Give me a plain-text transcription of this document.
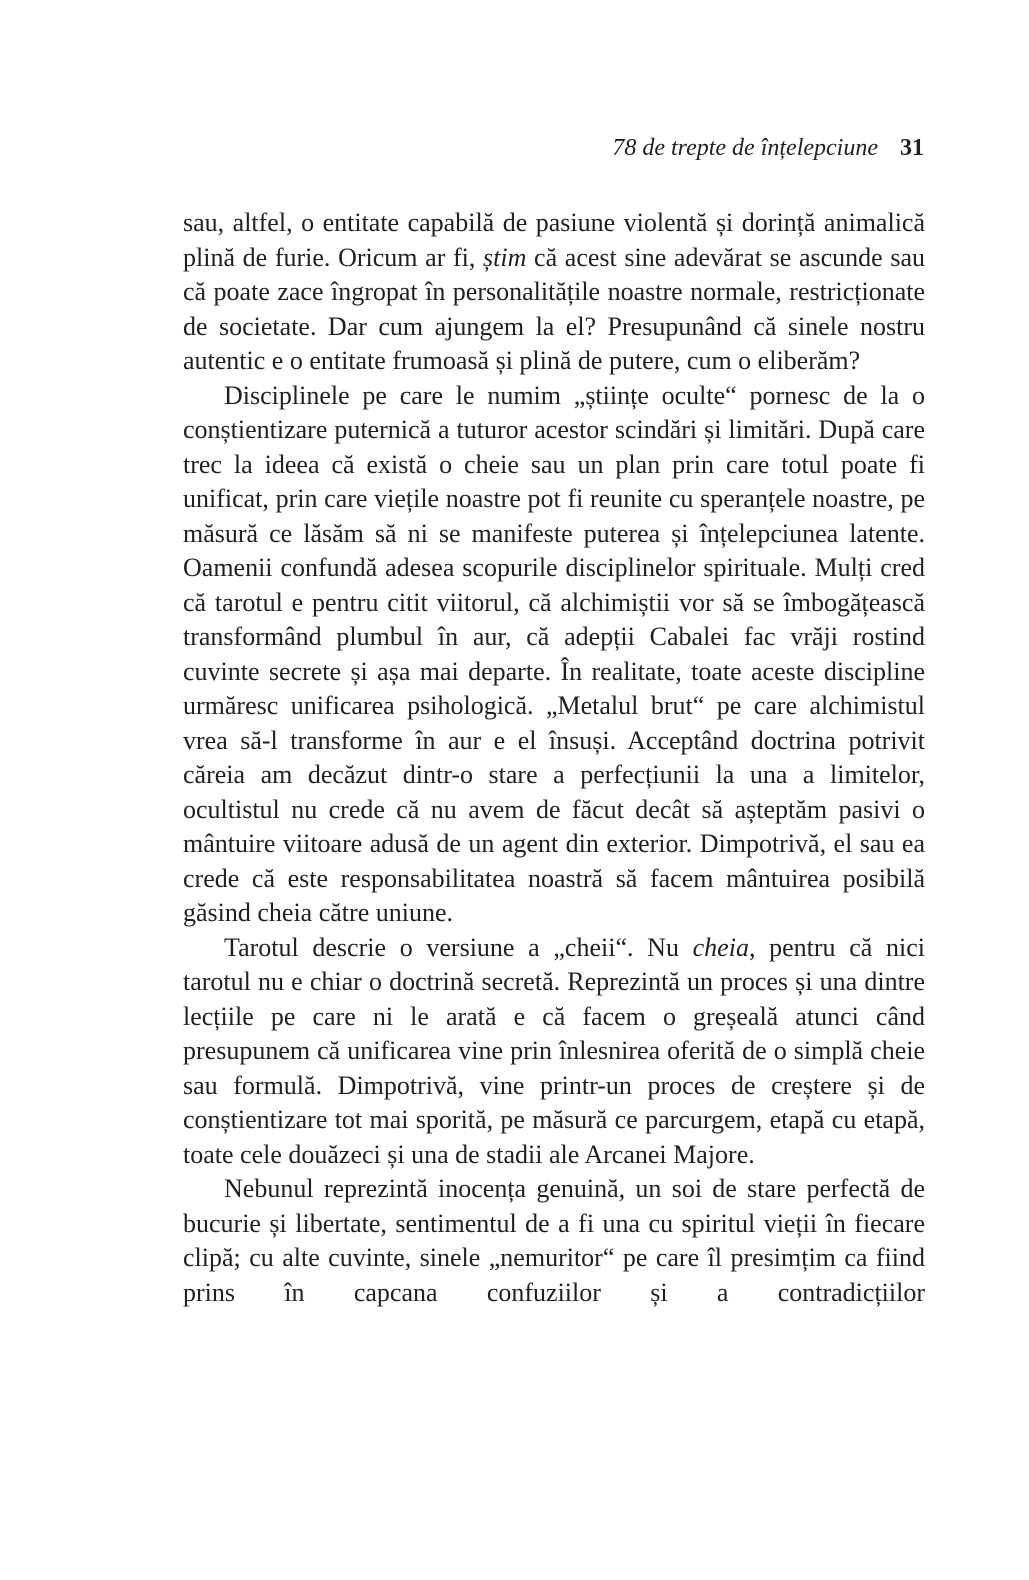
78 de trepte de înțelepciune 31

sau, altfel, o entitate capabilă de pasiune violentă și dorință animalică plină de furie. Oricum ar fi, știm că acest sine adevărat se ascunde sau că poate zace îngropat în personalitățile noastre normale, restricționate de societate. Dar cum ajungem la el? Presupunând că sinele nostru autentic e o entitate frumoasă și plină de putere, cum o eliberăm?

Disciplinele pe care le numim „științe oculte“ pornesc de la o conștientizare puternică a tuturor acestor scindări și limitări. După care trec la ideea că există o cheie sau un plan prin care totul poate fi unificat, prin care viețile noastre pot fi reunite cu speranțele noastre, pe măsură ce lăsăm să ni se manifeste puterea și înțelepciunea latente. Oamenii confundă adesea scopurile disciplinelor spirituale. Mulți cred că tarotul e pentru citit viitorul, că alchimiștii vor să se îmbogățească transformând plumbul în aur, că adepții Cabalei fac vrăji rostind cuvinte secrete și așa mai departe. În realitate, toate aceste discipline urmăresc unificarea psihologică. „Metalul brut“ pe care alchimistul vrea să-l transforme în aur e el însuși. Acceptând doctrina potrivit căreia am decăzut dintr-o stare a perfecțiunii la una a limitelor, ocultistul nu crede că nu avem de făcut decât să așteptăm pasivi o mântuire viitoare adusă de un agent din exterior. Dimpotrivă, el sau ea crede că este responsabilitatea noastră să facem mântuirea posibilă găsind cheia către uniune.

Tarotul descrie o versiune a „cheii“. Nu cheia, pentru că nici tarotul nu e chiar o doctrină secretă. Reprezintă un proces și una dintre lecțiile pe care ni le arată e că facem o greșeală atunci când presupunem că unificarea vine prin înlesnirea oferită de o simplă cheie sau formulă. Dimpotrivă, vine printr-un proces de creștere și de conștientizare tot mai sporită, pe măsură ce parcurgem, etapă cu etapă, toate cele douăzeci și una de stadii ale Arcanei Majore.

Nebunul reprezintă inocența genuină, un soi de stare perfectă de bucurie și libertate, sentimentul de a fi una cu spiritul vieții în fiecare clipă; cu alte cuvinte, sinele „nemuritor“ pe care îl presimțim ca fiind prins în capcana confuziilor și a contradicțiilor
